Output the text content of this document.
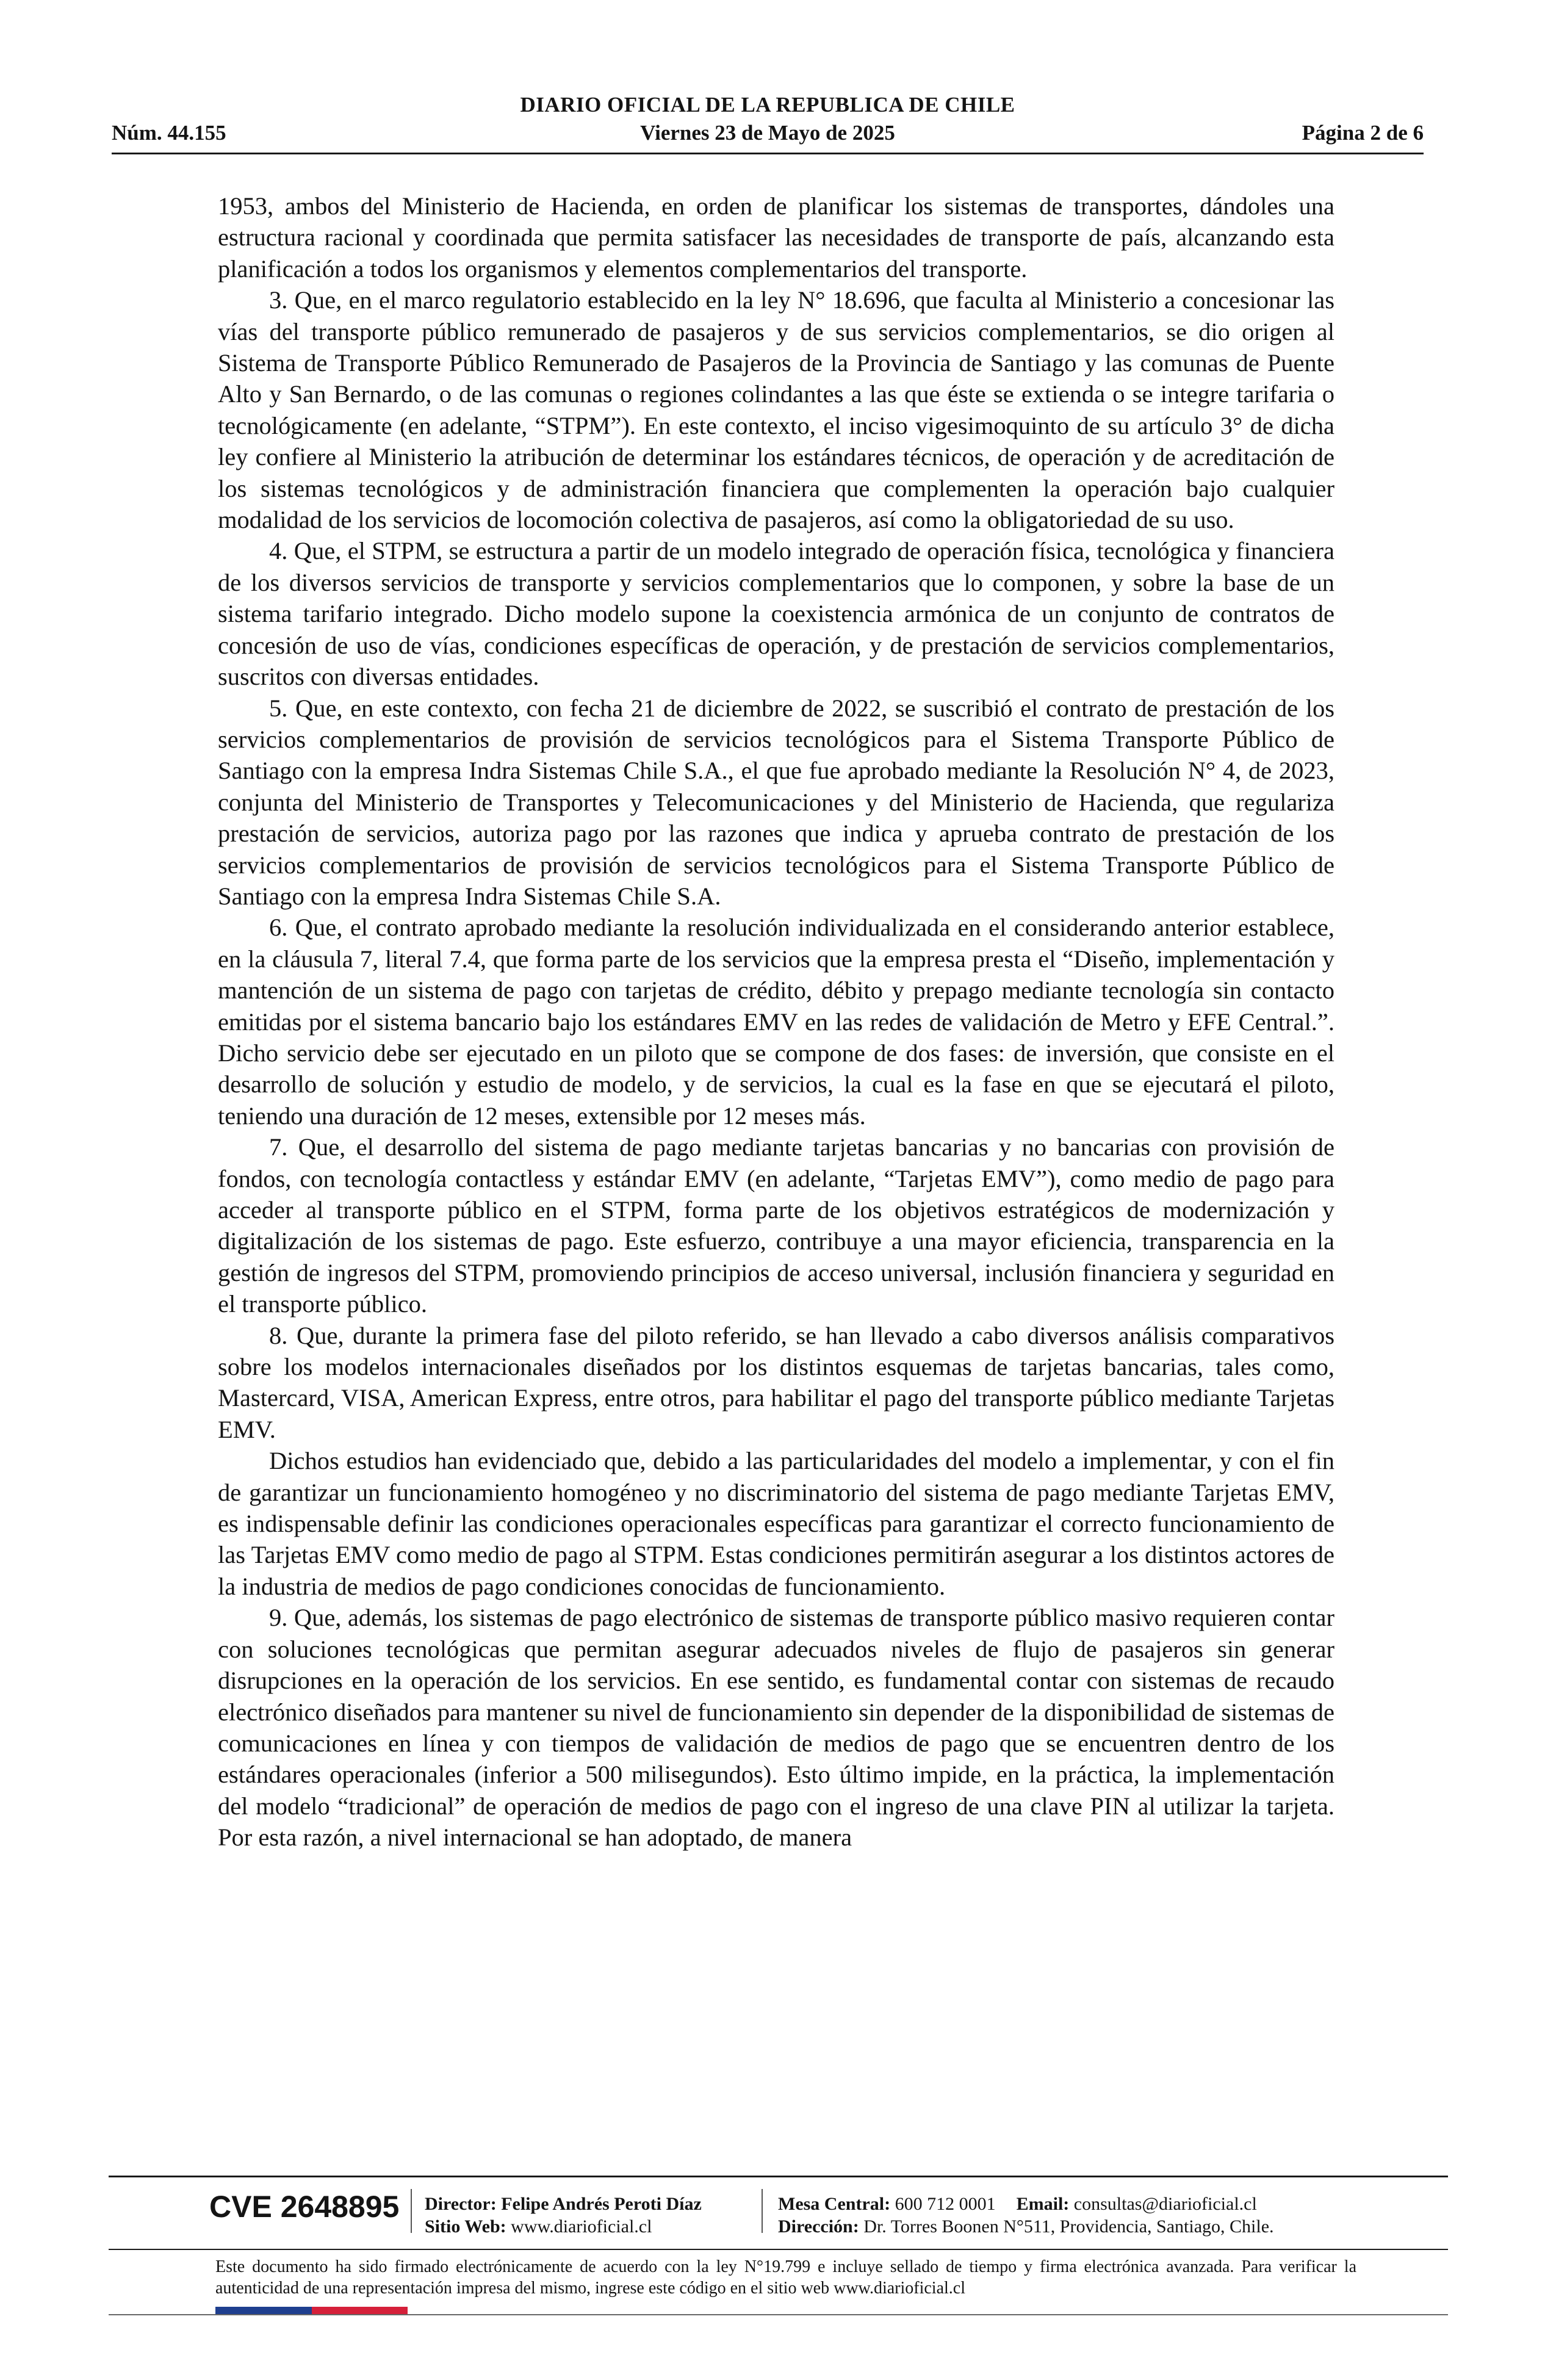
DIARIO OFICIAL DE LA REPUBLICA DE CHILE
Núm. 44.155	Viernes 23 de Mayo de 2025	Página 2 de 6

1953, ambos del Ministerio de Hacienda, en orden de planificar los sistemas de transportes, dándoles una estructura racional y coordinada que permita satisfacer las necesidades de transporte de país, alcanzando esta planificación a todos los organismos y elementos complementarios del transporte.

3. Que, en el marco regulatorio establecido en la ley N° 18.696, que faculta al Ministerio a concesionar las vías del transporte público remunerado de pasajeros y de sus servicios complementarios, se dio origen al Sistema de Transporte Público Remunerado de Pasajeros de la Provincia de Santiago y las comunas de Puente Alto y San Bernardo, o de las comunas o regiones colindantes a las que éste se extienda o se integre tarifaria o tecnológicamente (en adelante, “STPM”). En este contexto, el inciso vigesimoquinto de su artículo 3° de dicha ley confiere al Ministerio la atribución de determinar los estándares técnicos, de operación y de acreditación de los sistemas tecnológicos y de administración financiera que complementen la operación bajo cualquier modalidad de los servicios de locomoción colectiva de pasajeros, así como la obligatoriedad de su uso.

4. Que, el STPM, se estructura a partir de un modelo integrado de operación física, tecnológica y financiera de los diversos servicios de transporte y servicios complementarios que lo componen, y sobre la base de un sistema tarifario integrado. Dicho modelo supone la coexistencia armónica de un conjunto de contratos de concesión de uso de vías, condiciones específicas de operación, y de prestación de servicios complementarios, suscritos con diversas entidades.

5. Que, en este contexto, con fecha 21 de diciembre de 2022, se suscribió el contrato de prestación de los servicios complementarios de provisión de servicios tecnológicos para el Sistema Transporte Público de Santiago con la empresa Indra Sistemas Chile S.A., el que fue aprobado mediante la Resolución N° 4, de 2023, conjunta del Ministerio de Transportes y Telecomunicaciones y del Ministerio de Hacienda, que regulariza prestación de servicios, autoriza pago por las razones que indica y aprueba contrato de prestación de los servicios complementarios de provisión de servicios tecnológicos para el Sistema Transporte Público de Santiago con la empresa Indra Sistemas Chile S.A.

6. Que, el contrato aprobado mediante la resolución individualizada en el considerando anterior establece, en la cláusula 7, literal 7.4, que forma parte de los servicios que la empresa presta el “Diseño, implementación y mantención de un sistema de pago con tarjetas de crédito, débito y prepago mediante tecnología sin contacto emitidas por el sistema bancario bajo los estándares EMV en las redes de validación de Metro y EFE Central.”. Dicho servicio debe ser ejecutado en un piloto que se compone de dos fases: de inversión, que consiste en el desarrollo de solución y estudio de modelo, y de servicios, la cual es la fase en que se ejecutará el piloto, teniendo una duración de 12 meses, extensible por 12 meses más.

7. Que, el desarrollo del sistema de pago mediante tarjetas bancarias y no bancarias con provisión de fondos, con tecnología contactless y estándar EMV (en adelante, “Tarjetas EMV”), como medio de pago para acceder al transporte público en el STPM, forma parte de los objetivos estratégicos de modernización y digitalización de los sistemas de pago. Este esfuerzo, contribuye a una mayor eficiencia, transparencia en la gestión de ingresos del STPM, promoviendo principios de acceso universal, inclusión financiera y seguridad en el transporte público.

8. Que, durante la primera fase del piloto referido, se han llevado a cabo diversos análisis comparativos sobre los modelos internacionales diseñados por los distintos esquemas de tarjetas bancarias, tales como, Mastercard, VISA, American Express, entre otros, para habilitar el pago del transporte público mediante Tarjetas EMV.

Dichos estudios han evidenciado que, debido a las particularidades del modelo a implementar, y con el fin de garantizar un funcionamiento homogéneo y no discriminatorio del sistema de pago mediante Tarjetas EMV, es indispensable definir las condiciones operacionales específicas para garantizar el correcto funcionamiento de las Tarjetas EMV como medio de pago al STPM. Estas condiciones permitirán asegurar a los distintos actores de la industria de medios de pago condiciones conocidas de funcionamiento.

9. Que, además, los sistemas de pago electrónico de sistemas de transporte público masivo requieren contar con soluciones tecnológicas que permitan asegurar adecuados niveles de flujo de pasajeros sin generar disrupciones en la operación de los servicios. En ese sentido, es fundamental contar con sistemas de recaudo electrónico diseñados para mantener su nivel de funcionamiento sin depender de la disponibilidad de sistemas de comunicaciones en línea y con tiempos de validación de medios de pago que se encuentren dentro de los estándares operacionales (inferior a 500 milisegundos). Esto último impide, en la práctica, la implementación del modelo “tradicional” de operación de medios de pago con el ingreso de una clave PIN al utilizar la tarjeta. Por esta razón, a nivel internacional se han adoptado, de manera

CVE 2648895 Director: Felipe Andrés Peroti Díaz
Sitio Web: www.diarioficial.cl
Mesa Central: 600 712 0001 Email: consultas@diarioficial.cl
Dirección: Dr. Torres Boonen N°511, Providencia, Santiago, Chile.
Este documento ha sido firmado electrónicamente de acuerdo con la ley N°19.799 e incluye sellado de tiempo y firma electrónica avanzada. Para verificar la autenticidad de una representación impresa del mismo, ingrese este código en el sitio web www.diarioficial.cl
